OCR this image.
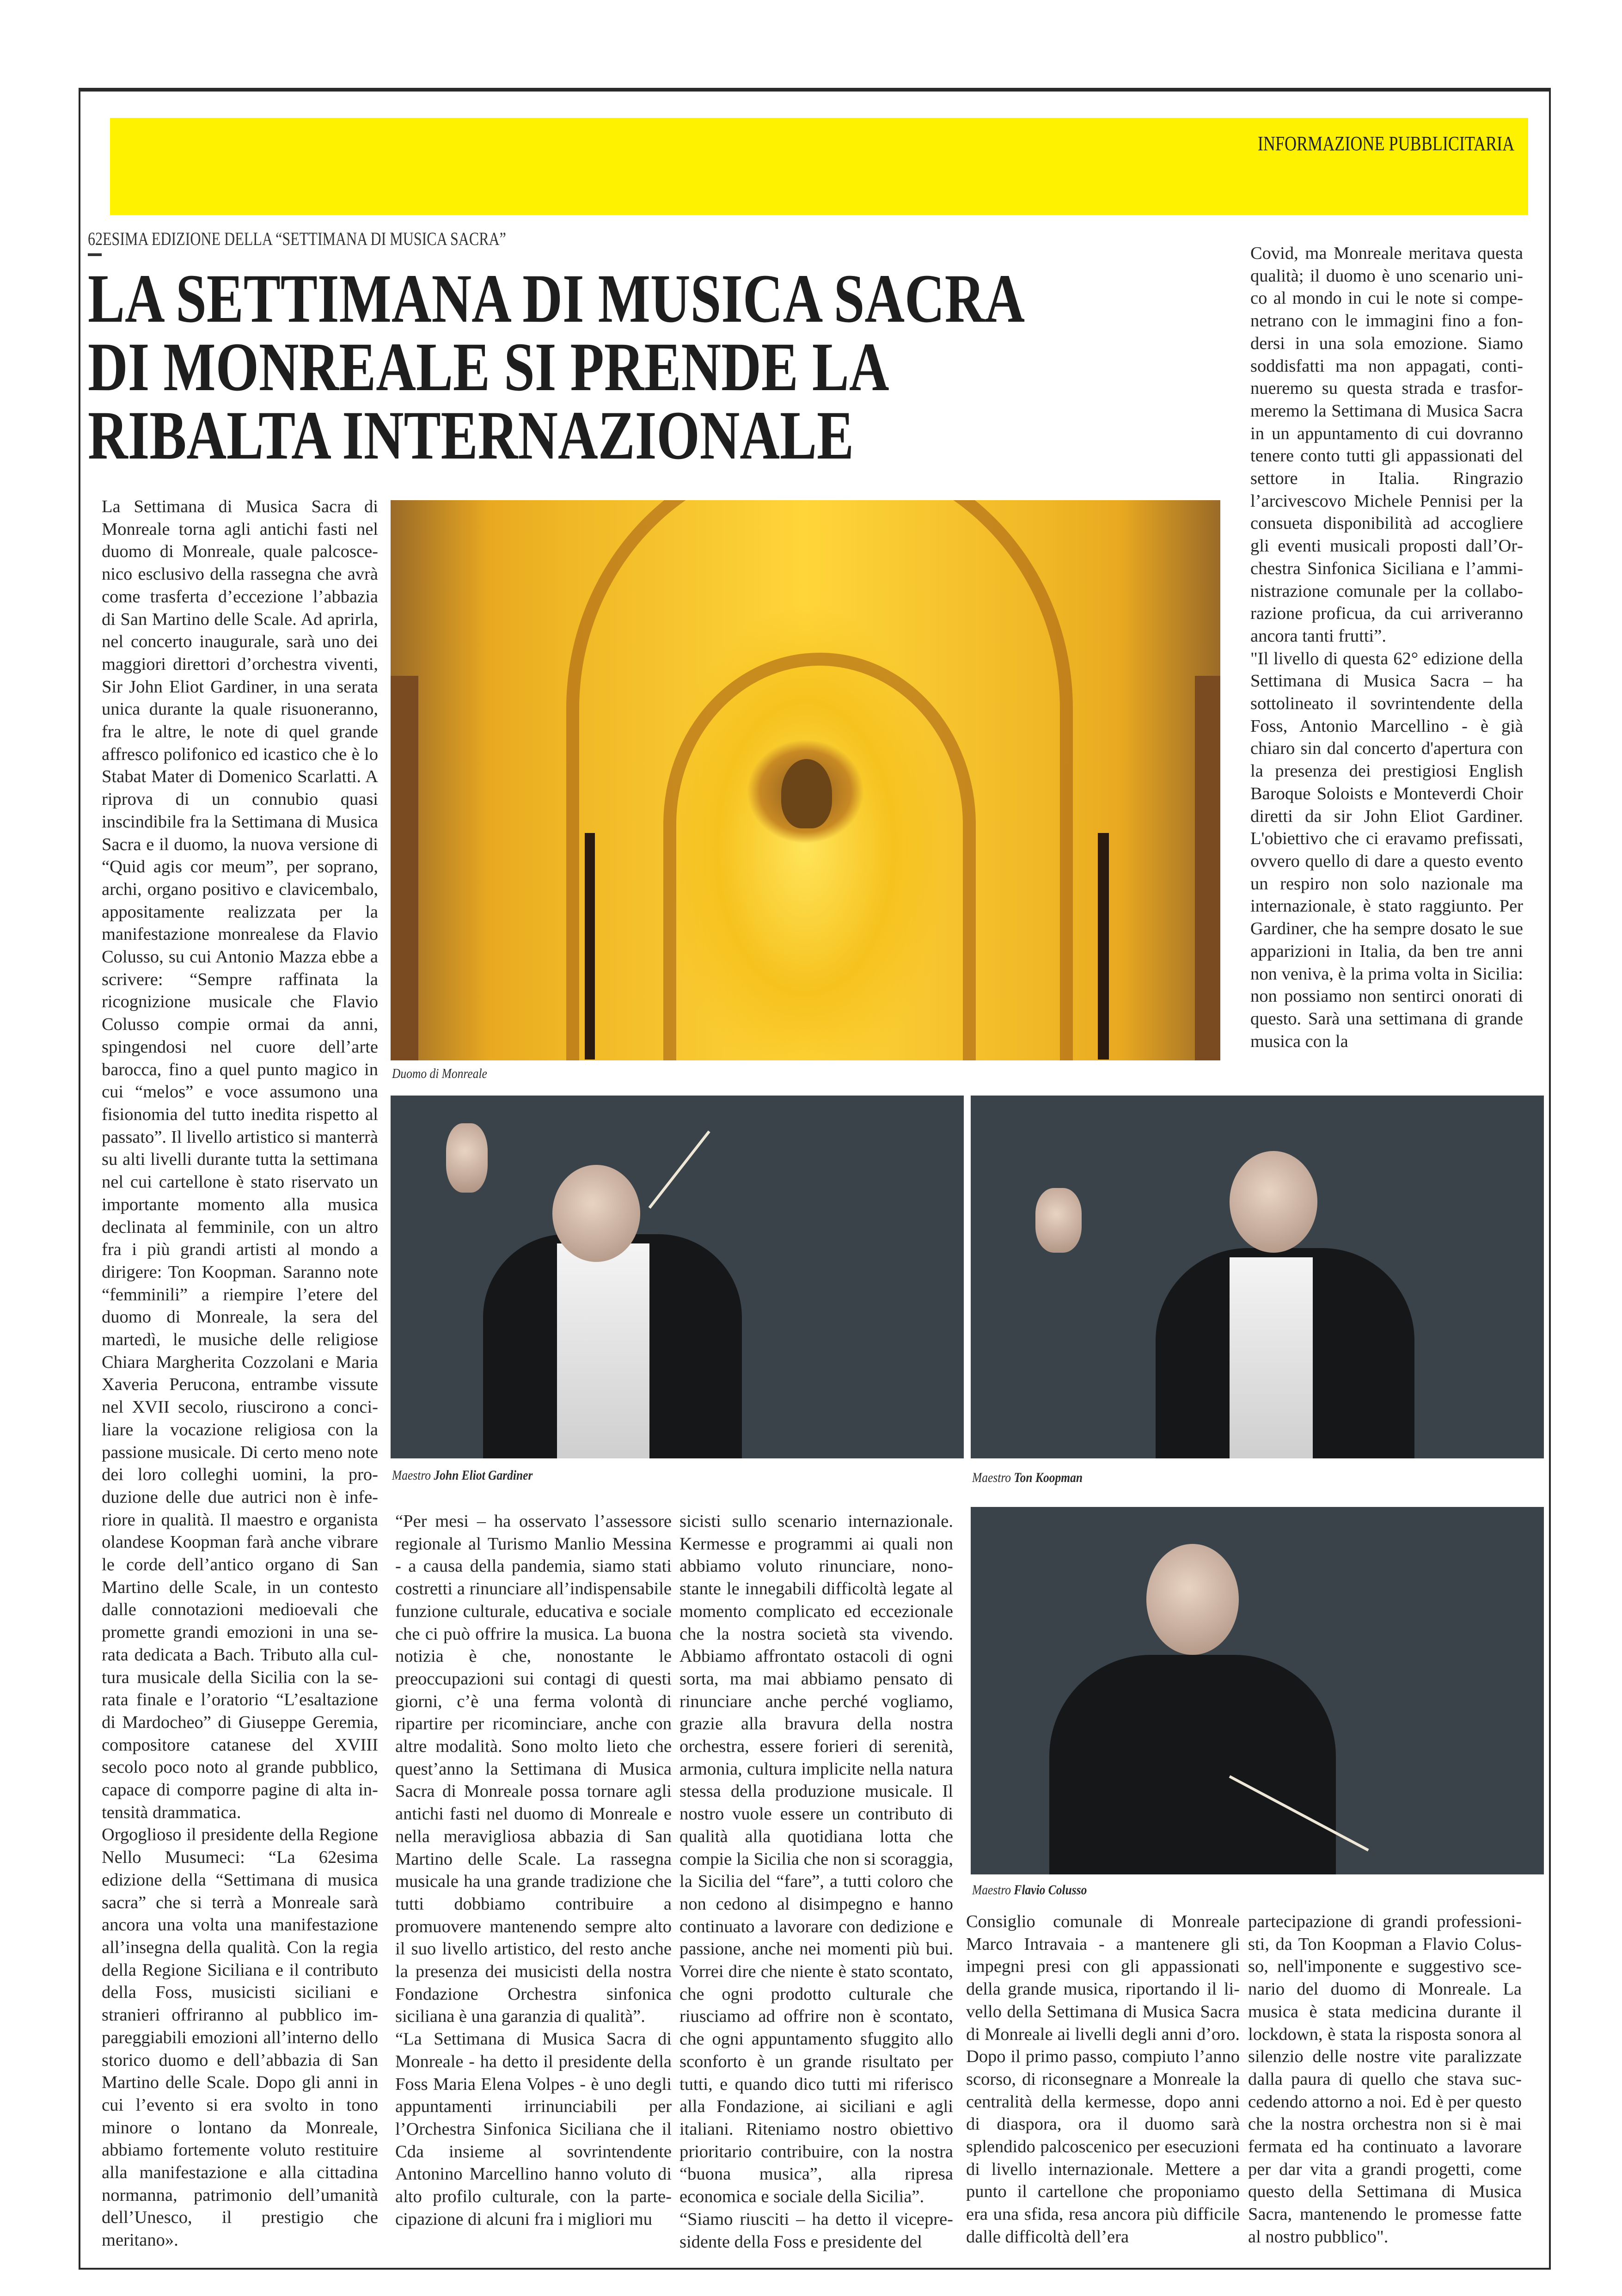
INFORMAZIONE PUBBLICITARIA
62ESIMA EDIZIONE DELLA “SETTIMANA DI MUSICA SACRA”
LA SETTIMANA DI MUSICA SACRA
DI MONREALE SI PRENDE LA
RIBALTA INTERNAZIONALE

La Settimana di Musica Sacra di Monreale torna agli antichi fasti nel duomo di Monreale, quale palcoscenico esclusivo della rassegna che avrà come trasferta d’eccezione l’abbazia di San Martino delle Scale. Ad aprirla, nel concerto inaugurale, sarà uno dei maggiori direttori d’orchestra viventi, Sir John Eliot Gardiner, in una serata unica durante la quale risuoneranno, fra le altre, le note di quel grande affresco polifonico ed icastico che è lo Stabat Mater di Domenico Scarlatti. A riprova di un connubio quasi inscindibile fra la Settimana di Musica Sacra e il duomo, la nuova versione di “Quid agis cor meum”, per soprano, archi, organo positivo e clavicembalo, appositamente realizzata per la manifestazione monrealese da Flavio Colusso, su cui Antonio Mazza ebbe a scrivere: “Sempre raffinata la ricognizione musicale che Flavio Colusso compie ormai da anni, spingendosi nel cuore dell’arte barocca, fino a quel punto magico in cui “melos” e voce assumono una fisionomia del tutto inedita rispetto al passato”. Il livello artistico si manterrà su alti livelli durante tutta la settimana nel cui cartellone è stato riservato un importante momento alla musica declinata al femminile, con un altro fra i più grandi artisti al mondo a dirigere: Ton Koopman. Saranno note “femminili” a riempire l’etere del duomo di Monreale, la sera del martedì, le musiche delle religiose Chiara Margherita Cozzolani e Maria Xaveria Perucona, entrambe vissute nel XVII secolo, riuscirono a conciliare la vocazione religiosa con la passione musicale. Di certo meno note dei loro colleghi uomini, la produzione delle due autrici non è inferiore in qualità. Il maestro e organista olandese Koopman farà anche vibrare le corde dell’antico organo di San Martino delle Scale, in un contesto dalle connotazioni medioevali che promette grandi emozioni in una serata dedicata a Bach. Tributo alla cultura musicale della Sicilia con la serata finale e l’oratorio “L’esaltazione di Mardocheo” di Giuseppe Geremia, compositore catanese del XVIII secolo poco noto al grande pubblico, capace di comporre pagine di alta intensità drammatica.

Orgoglioso il presidente della Regione Nello Musumeci: “La 62esima edizione della “Settimana di musica sacra” che si terrà a Monreale sarà ancora una volta una manifestazione all’insegna della qualità. Con la regia della Regione Siciliana e il contributo della Foss, musicisti siciliani e stranieri offriranno al pubblico impareggiabili emozioni all’interno dello storico duomo e dell’abbazia di San Martino delle Scale. Dopo gli anni in cui l’evento si era svolto in tono minore o lontano da Monreale, abbiamo fortemente voluto restituire alla manifestazione e alla cittadina normanna, patrimonio dell’umanità dell’Unesco, il prestigio che meritano».

Duomo di Monreale

Covid, ma Monreale meritava questa qualità; il duomo è uno scenario unico al mondo in cui le note si compenetrano con le immagini fino a fondersi in una sola emozione. Siamo soddisfatti ma non appagati, continueremo su questa strada e trasformeremo la Settimana di Musica Sacra in un appuntamento di cui dovranno tenere conto tutti gli appassionati del settore in Italia. Ringrazio l’arcivescovo Michele Pennisi per la consueta disponibilità ad accogliere gli eventi musicali proposti dall’Orchestra Sinfonica Siciliana e l’amministrazione comunale per la collaborazione proficua, da cui arriveranno ancora tanti frutti”.

"Il livello di questa 62° edizione della Settimana di Musica Sacra – ha sottolineato il sovrintendente della Foss, Antonio Marcellino - è già chiaro sin dal concerto d'apertura con la presenza dei prestigiosi English Baroque Soloists e Monteverdi Choir diretti da sir John Eliot Gardiner. L'obiettivo che ci eravamo prefissati, ovvero quello di dare a questo evento un respiro non solo nazionale ma internazionale, è stato raggiunto. Per Gardiner, che ha sempre dosato le sue apparizioni in Italia, da ben tre anni non veniva, è la prima volta in Sicilia: non possiamo non sentirci onorati di questo. Sarà una settimana di grande musica con la

Maestro John Eliot Gardiner	Maestro Ton Koopman
Maestro Flavio Colusso

“Per mesi – ha osservato l’assessore regionale al Turismo Manlio Messina - a causa della pandemia, siamo stati costretti a rinunciare all’indispensabile funzione culturale, educativa e sociale che ci può offrire la musica. La buona notizia è che, nonostante le preoccupazioni sui contagi di questi giorni, c’è una ferma volontà di ripartire per ricominciare, anche con altre modalità. Sono molto lieto che quest’anno la Settimana di Musica Sacra di Monreale possa tornare agli antichi fasti nel duomo di Monreale e nella meravigliosa abbazia di San Martino delle Scale. La rassegna musicale ha una grande tradizione che tutti dobbiamo contribuire a promuovere mantenendo sempre alto il suo livello artistico, del resto anche la presenza dei musicisti della nostra Fondazione Orchestra sinfonica siciliana è una garanzia di qualità”.

“La Settimana di Musica Sacra di Monreale - ha detto il presidente della Foss Maria Elena Volpes - è uno degli appuntamenti irrinunciabili per l’Orchestra Sinfonica Siciliana che il Cda insieme al sovrintendente Antonino Marcellino hanno voluto di alto profilo culturale, con la partecipazione di alcuni fra i migliori mu

sicisti sullo scenario internazionale. Kermesse e programmi ai quali non abbiamo voluto rinunciare, nonostante le innegabili difficoltà legate al momento complicato ed eccezionale che la nostra società sta vivendo. Abbiamo affrontato ostacoli di ogni sorta, ma mai abbiamo pensato di rinunciare anche perché vogliamo, grazie alla bravura della nostra orchestra, essere forieri di serenità, armonia, cultura implicite nella natura stessa della produzione musicale. Il nostro vuole essere un contributo di qualità alla quotidiana lotta che compie la Sicilia che non si scoraggia, la Sicilia del “fare”, a tutti coloro che non cedono al disimpegno e hanno continuato a lavorare con dedizione e passione, anche nei momenti più bui. Vorrei dire che niente è stato scontato, che ogni prodotto culturale che riusciamo ad offrire non è scontato, che ogni appuntamento sfuggito allo sconforto è un grande risultato per tutti, e quando dico tutti mi riferisco alla Fondazione, ai siciliani e agli italiani. Riteniamo nostro obiettivo prioritario contribuire, con la nostra “buona musica”, alla ripresa economica e sociale della Sicilia”.

“Siamo riusciti – ha detto il vicepresidente della Foss e presidente del

Consiglio comunale di Monreale Marco Intravaia - a mantenere gli impegni presi con gli appassionati della grande musica, riportando il livello della Settimana di Musica Sacra di Monreale ai livelli degli anni d’oro. Dopo il primo passo, compiuto l’anno scorso, di riconsegnare a Monreale la centralità della kermesse, dopo anni di diaspora, ora il duomo sarà splendido palcoscenico per esecuzioni di livello internazionale. Mettere a punto il cartellone che proponiamo era una sfida, resa ancora più difficile dalle difficoltà dell’era

partecipazione di grandi professionisti, da Ton Koopman a Flavio Colusso, nell'imponente e suggestivo scenario del duomo di Monreale. La musica è stata medicina durante il lockdown, è stata la risposta sonora al silenzio delle nostre vite paralizzate dalla paura di quello che stava succedendo attorno a noi. Ed è per questo che la nostra orchestra non si è mai fermata ed ha continuato a lavorare per dar vita a grandi progetti, come questo della Settimana di Musica Sacra, mantenendo le promesse fatte al nostro pubblico".
